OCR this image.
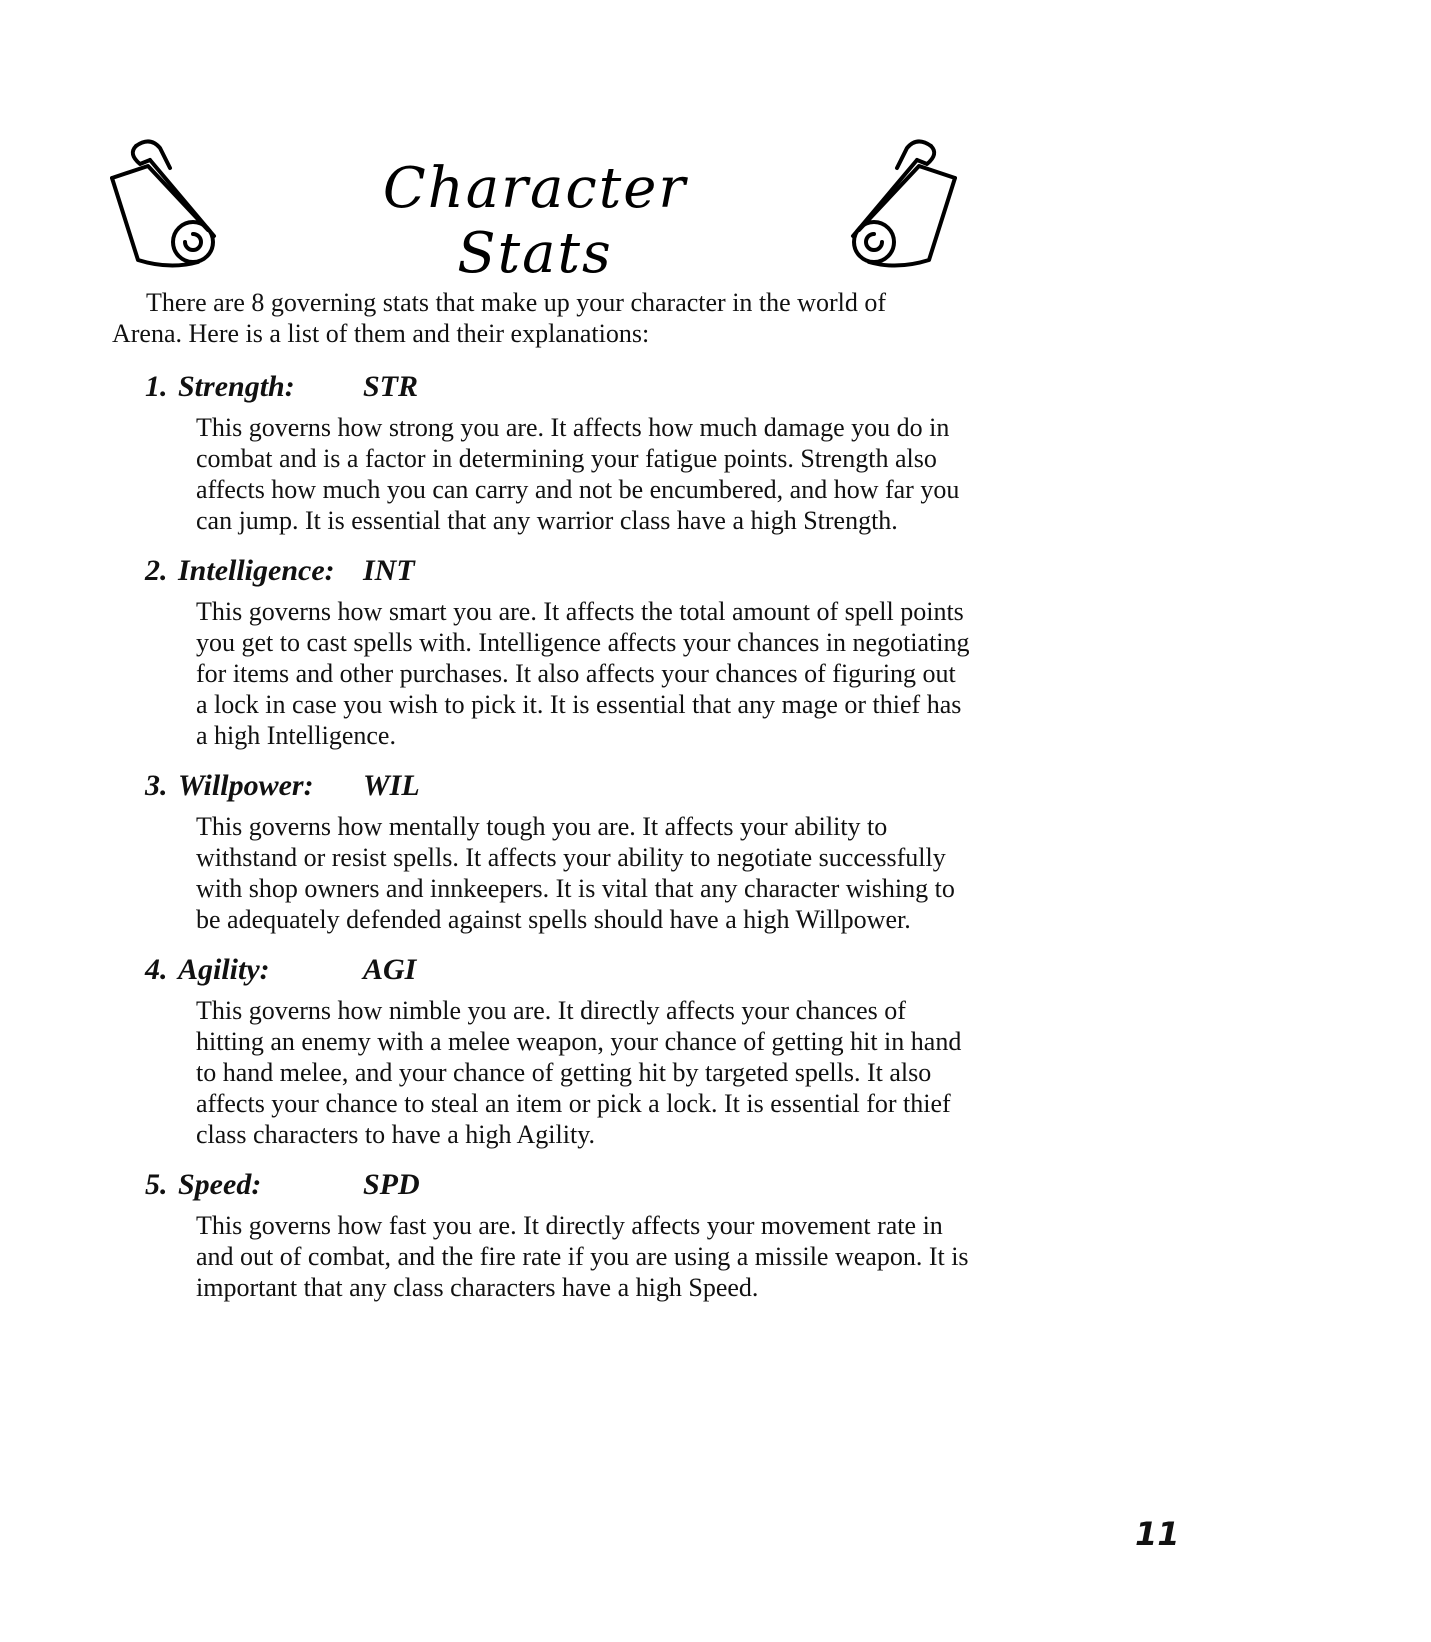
Character Stats

There are 8 governing stats that make up your character in the world of Arena. Here is a list of them and their explanations:

1. Strength:	STR

This governs how strong you are. It affects how much damage you do in combat and is a factor in determining your fatigue points. Strength also affects how much you can carry and not be encumbered, and how far you can jump. It is essential that any warrior class have a high Strength.

2. Intelligence: INT

This governs how smart you are. It affects the total amount of spell points you get to cast spells with. Intelligence affects your chances in negotiating for items and other purchases. It also affects your chances of figuring out a lock in case you wish to pick it. It is essential that any mage or thief has a high Intelligence.

3. Willpower:	WIL

This governs how mentally tough you are. It affects your ability to withstand or resist spells. It affects your ability to negotiate successfully with shop owners and innkeepers. It is vital that any character wishing to be adequately defended against spells should have a high Willpower.

4. Agility:	AGI

This governs how nimble you are. It directly affects your chances of hitting an enemy with a melee weapon, your chance of getting hit in hand to hand melee, and your chance of getting hit by targeted spells. It also affects your chance to steal an item or pick a lock. It is essential for thief class characters to have a high Agility.

5. Speed:	SPD

This governs how fast you are. It directly affects your movement rate in and out of combat, and the fire rate if you are using a missile weapon. It is important that any class characters have a high Speed.

11
